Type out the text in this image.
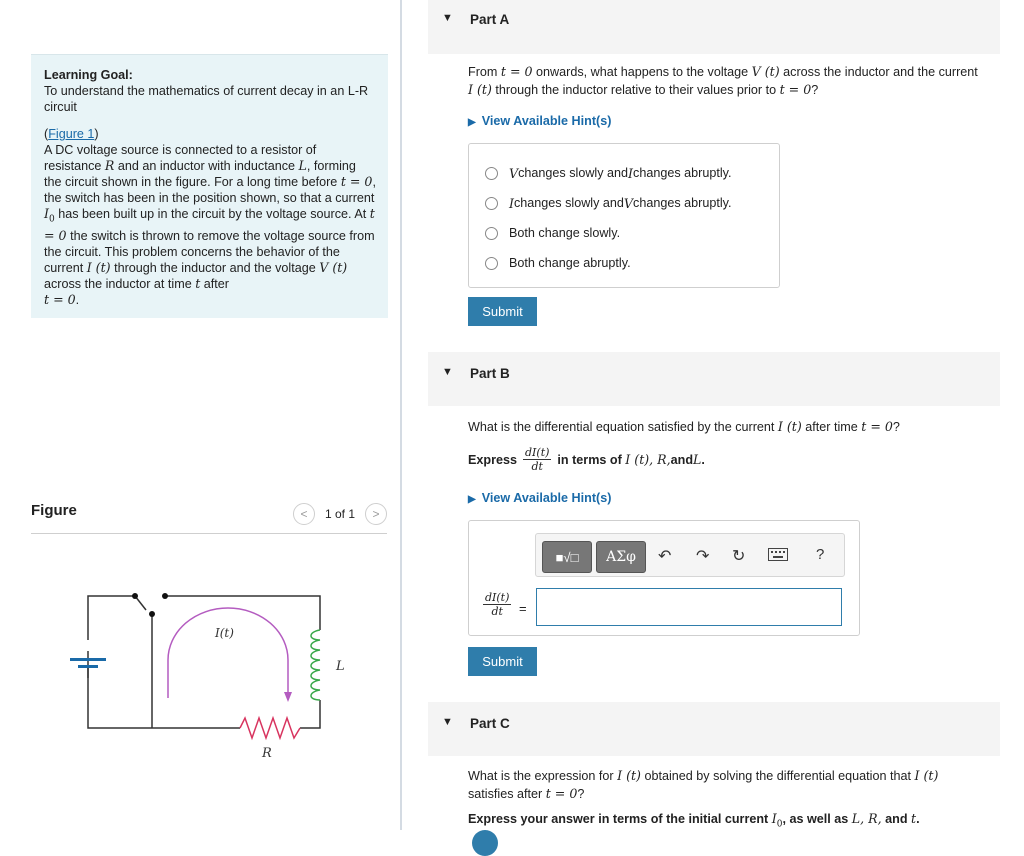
Learning Goal:
To understand the mathematics of current decay in an L-R circuit
(Figure 1)
A DC voltage source is connected to a resistor of resistance R and an inductor with inductance L, forming the circuit shown in the figure. For a long time before t = 0, the switch has been in the position shown, so that a current $I_0$ has been built up in the circuit by the voltage source. At t = 0 the switch is thrown to remove the voltage source from the circuit. This problem concerns the behavior of the current I (t) through the inductor and the voltage V (t) across the inductor at time t after
t = 0.
Figure	< 1 of 1 >
I(t)
L
R
▼ Part A
From t = 0 onwards, what happens to the voltage V (t) across the inductor and the current
I (t) through the inductor relative to their values prior to t = 0?
▶ View Available Hint(s)
V changes slowly and I changes abruptly.
I changes slowly and V changes abruptly.
Both change slowly.
Both change abruptly.
Submit
▼ Part B
What is the differential equation satisfied by the current I (t) after time t = 0?
Express $\frac{dI(t)}{dt}$ in terms of
I (t), R, and L .
▶ View Available Hint(s)
■√□ AΣφ ↶ ↷ ↻	?
$\frac{dI(t)}{dt}$ =
Submit
▼ Part C
What is the expression for I (t) obtained by solving the differential equation that I (t)
satisfies after t = 0?
Express your answer in terms of the initial current $I_0$, as well as L, R, and t.
